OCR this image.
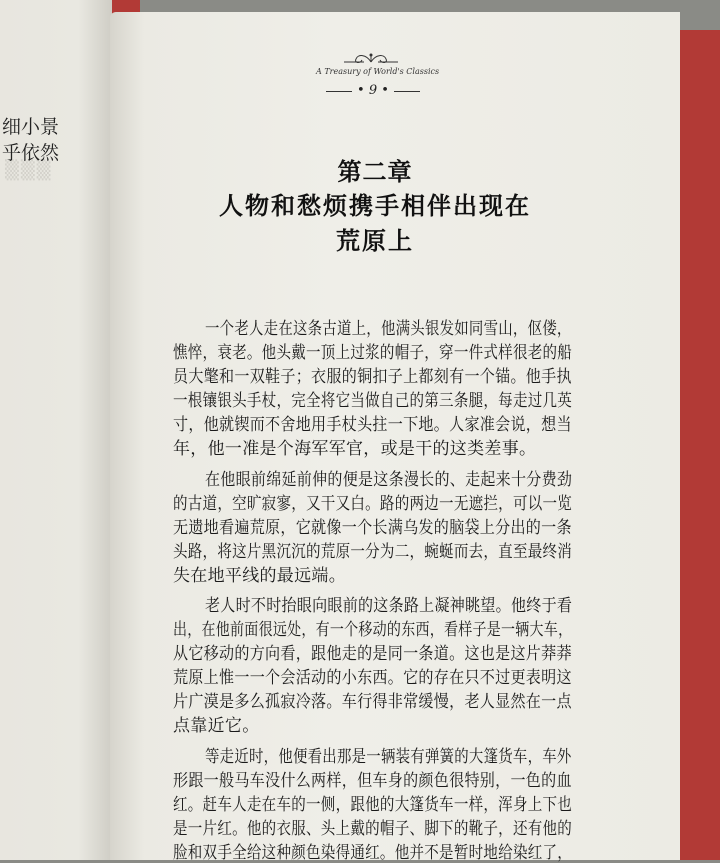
▒▒▒
细小景
乎依然
A Treasury of World's Classics
• 9 •
第二章
人物和愁烦携手相伴出现在荒原上
一个老人走在这条古道上，他满头银发如同雪山，伛偻，
憔悴，衰老。他头戴一顶上过浆的帽子，穿一件式样很老的船
员大氅和一双鞋子；衣服的铜扣子上都刻有一个锚。他手执
一根镶银头手杖，完全将它当做自己的第三条腿，每走过几英
寸，他就锲而不舍地用手杖头拄一下地。人家准会说，想当
年，他一准是个海军军官，或是干的这类差事。
在他眼前绵延前伸的便是这条漫长的、走起来十分费劲
的古道，空旷寂寥，又干又白。路的两边一无遮拦，可以一览
无遗地看遍荒原，它就像一个长满乌发的脑袋上分出的一条
头路，将这片黑沉沉的荒原一分为二，蜿蜒而去，直至最终消
失在地平线的最远端。
老人时不时抬眼向眼前的这条路上凝神眺望。他终于看
出，在他前面很远处，有一个移动的东西，看样子是一辆大车，
从它移动的方向看，跟他走的是同一条道。这也是这片莽莽
荒原上惟一一个会活动的小东西。它的存在只不过更表明这
片广漠是多么孤寂冷落。车行得非常缓慢，老人显然在一点
点靠近它。
等走近时，他便看出那是一辆装有弹簧的大篷货车，车外
形跟一般马车没什么两样，但车身的颜色很特别，一色的血
红。赶车人走在车的一侧，跟他的大篷货车一样，浑身上下也
是一片红。他的衣服、头上戴的帽子、脚下的靴子，还有他的
脸和双手全给这种颜色染得通红。他并不是暂时地给染红了，
